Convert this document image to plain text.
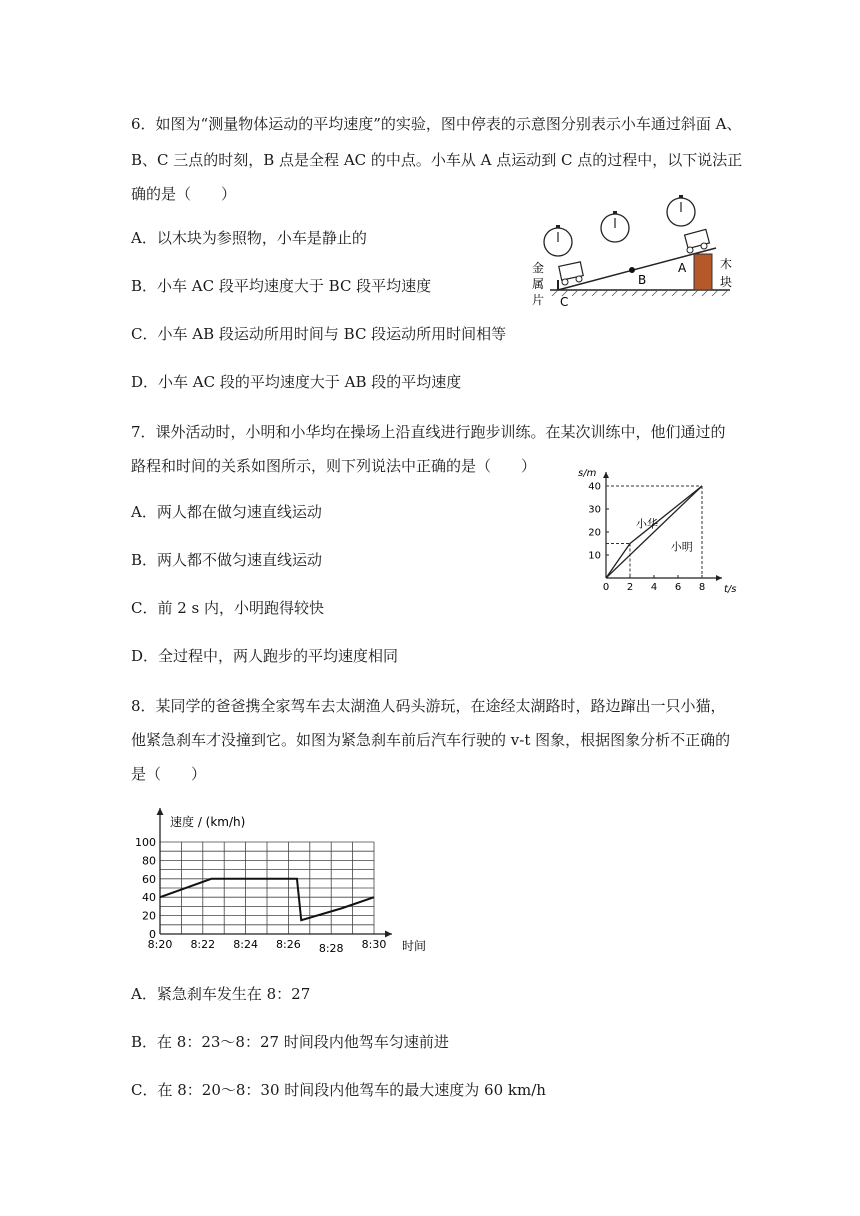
6．如图为“测量物体运动的平均速度”的实验，图中停表的示意图分别表示小车通过斜面 A、
B、C 三点的时刻，B 点是全程 AC 的中点。小车从 A 点运动到 C 点的过程中，以下说法正
确的是（　　）
A．以木块为参照物，小车是静止的
B．小车 AC 段平均速度大于 BC 段平均速度
C．小车 AB 段运动所用时间与 BC 段运动所用时间相等
D．小车 AC 段的平均速度大于 AB 段的平均速度
金
属
片 C
B
A	木
块
7．课外活动时，小明和小华均在操场上沿直线进行跑步训练。在某次训练中，他们通过的
路程和时间的关系如图所示，则下列说法中正确的是（　　）
A．两人都在做匀速直线运动
B．两人都不做匀速直线运动
C．前 2 s 内，小明跑得较快
D．全过程中，两人跑步的平均速度相同
0 2 4 6 8
10
20
30
40
小华
小明
s/m
t/s
8．某同学的爸爸携全家驾车去太湖渔人码头游玩，在途经太湖路时，路边蹿出一只小猫，
他紧急刹车才没撞到它。如图为紧急刹车前后汽车行驶的 v-t 图象，根据图象分析不正确的
是（　　）
0
20
40
60
80
100
8:20 8:22 8:24 8:26 8:28 8:30
速度 / (km/h)
时间
A．紧急刹车发生在 8：27
B．在 8：23～8：27 时间段内他驾车匀速前进
C．在 8：20～8：30 时间段内他驾车的最大速度为 60 km/h
